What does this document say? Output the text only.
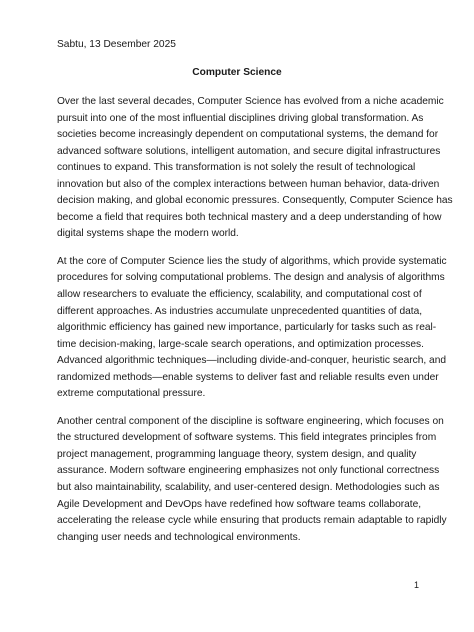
Sabtu, 13 Desember 2025
Computer Science

Over the last several decades, Computer Science has evolved from a niche academic
pursuit into one of the most influential disciplines driving global transformation. As
societies become increasingly dependent on computational systems, the demand for
advanced software solutions, intelligent automation, and secure digital infrastructures
continues to expand. This transformation is not solely the result of technological
innovation but also of the complex interactions between human behavior, data-driven
decision making, and global economic pressures. Consequently, Computer Science has
become a field that requires both technical mastery and a deep understanding of how
digital systems shape the modern world.

At the core of Computer Science lies the study of algorithms, which provide systematic
procedures for solving computational problems. The design and analysis of algorithms
allow researchers to evaluate the efficiency, scalability, and computational cost of
different approaches. As industries accumulate unprecedented quantities of data,
algorithmic efficiency has gained new importance, particularly for tasks such as real-
time decision-making, large-scale search operations, and optimization processes.
Advanced algorithmic techniques—including divide-and-conquer, heuristic search, and
randomized methods—enable systems to deliver fast and reliable results even under
extreme computational pressure.

Another central component of the discipline is software engineering, which focuses on
the structured development of software systems. This field integrates principles from
project management, programming language theory, system design, and quality
assurance. Modern software engineering emphasizes not only functional correctness
but also maintainability, scalability, and user-centered design. Methodologies such as
Agile Development and DevOps have redefined how software teams collaborate,
accelerating the release cycle while ensuring that products remain adaptable to rapidly
changing user needs and technological environments.

1
